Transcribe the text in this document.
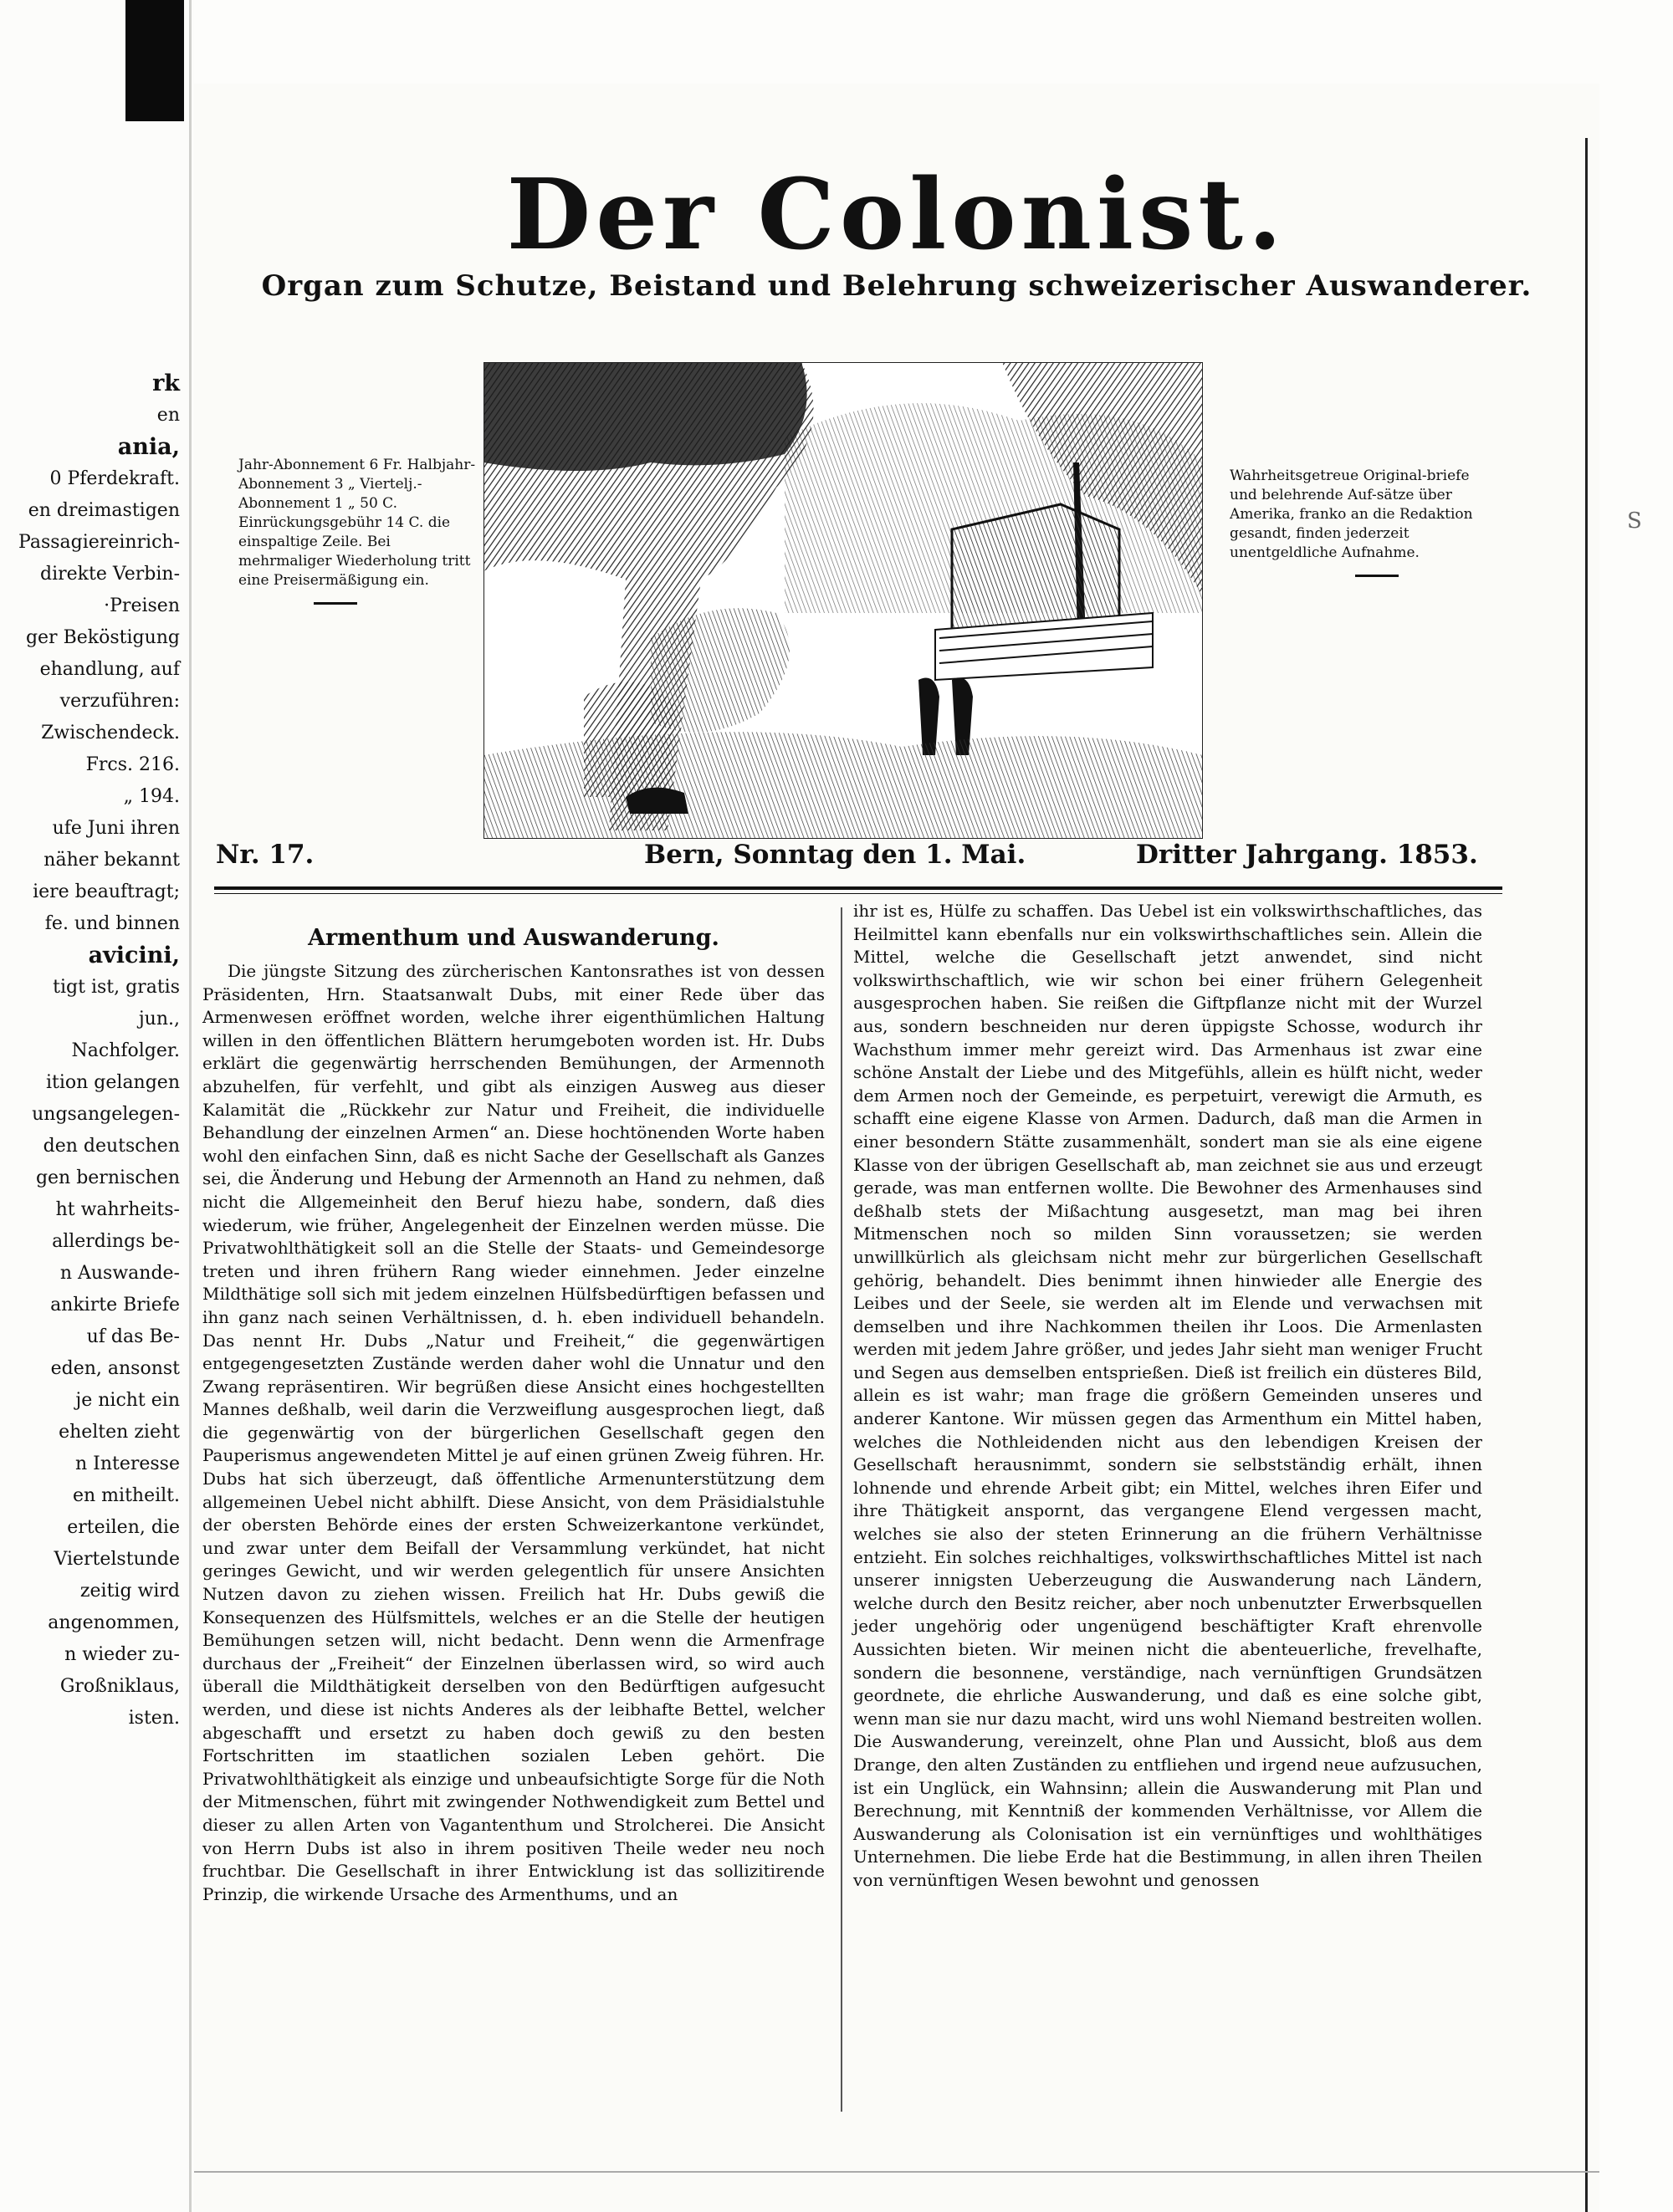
rk
en
ania,
0 Pferdekraft.
en dreimastigen
Passagiereinrich-
direkte Verbin-
·Preisen
ger Beköstigung
ehandlung, auf
verzuführen:
Zwischendeck.
Frcs. 216.
„ 194.
ufe Juni ihren
näher bekannt
iere beauftragt;
fe. und binnen
avicini,
tigt ist, gratis
jun.,
Nachfolger.
ition gelangen
ungsangelegen-
den deutschen
gen bernischen
ht wahrheits-
allerdings be-
n Auswande-
ankirte Briefe
uf das Be-
eden, ansonst
je nicht ein
ehelten zieht
n Interesse
en mitheilt.
erteilen, die
Viertelstunde
zeitig wird
angenommen,
n wieder zu-
Großniklaus,
isten.
S
Der Colonist.
Organ zum Schutze, Beistand und Belehrung schweizerischer Auswanderer.
Jahr-Abonnement 6 Fr. Halbjahr-Abonnement 3 „ Viertelj.-Abonnement 1 „ 50 C. Einrückungsgebühr 14 C. die einspaltige Zeile. Bei mehrmaliger Wiederholung tritt eine Preisermäßigung ein.
Wahrheitsgetreue Original-briefe und belehrende Auf-sätze über Amerika, franko an die Redaktion gesandt, finden jederzeit unentgeldliche Aufnahme.
Nr. 17.	Bern, Sonntag den 1. Mai.	Dritter Jahrgang. 1853.
Armenthum und Auswanderung.

Die jüngste Sitzung des zürcherischen Kantonsrathes ist von dessen Präsidenten, Hrn. Staatsanwalt Dubs, mit einer Rede über das Armenwesen eröffnet worden, welche ihrer eigenthümlichen Haltung willen in den öffentlichen Blättern herumgeboten worden ist. Hr. Dubs erklärt die gegenwärtig herrschenden Bemühungen, der Armennoth abzuhelfen, für verfehlt, und gibt als einzigen Ausweg aus dieser Kalamität die „Rückkehr zur Natur und Freiheit, die individuelle Behandlung der einzelnen Armen“ an. Diese hochtönenden Worte haben wohl den einfachen Sinn, daß es nicht Sache der Gesellschaft als Ganzes sei, die Änderung und Hebung der Armennoth an Hand zu nehmen, daß nicht die Allgemeinheit den Beruf hiezu habe, sondern, daß dies wiederum, wie früher, Angelegenheit der Einzelnen werden müsse. Die Privatwohlthätigkeit soll an die Stelle der Staats- und Gemeindesorge treten und ihren frühern Rang wieder einnehmen. Jeder einzelne Mildthätige soll sich mit jedem einzelnen Hülfsbedürftigen befassen und ihn ganz nach seinen Verhältnissen, d. h. eben individuell behandeln. Das nennt Hr. Dubs „Natur und Freiheit,“ die gegenwärtigen entgegengesetzten Zustände werden daher wohl die Unnatur und den Zwang repräsentiren. Wir begrüßen diese Ansicht eines hochgestellten Mannes deßhalb, weil darin die Verzweiflung ausgesprochen liegt, daß die gegenwärtig von der bürgerlichen Gesellschaft gegen den Pauperismus angewendeten Mittel je auf einen grünen Zweig führen. Hr. Dubs hat sich überzeugt, daß öffentliche Armenunterstützung dem allgemeinen Uebel nicht abhilft. Diese Ansicht, von dem Präsidialstuhle der obersten Behörde eines der ersten Schweizerkantone verkündet, und zwar unter dem Beifall der Versammlung verkündet, hat nicht geringes Gewicht, und wir werden gelegentlich für unsere Ansichten Nutzen davon zu ziehen wissen. Freilich hat Hr. Dubs gewiß die Konsequenzen des Hülfsmittels, welches er an die Stelle der heutigen Bemühungen setzen will, nicht bedacht. Denn wenn die Armenfrage durchaus der „Freiheit“ der Einzelnen überlassen wird, so wird auch überall die Mildthätigkeit derselben von den Bedürftigen aufgesucht werden, und diese ist nichts Anderes als der leibhafte Bettel, welcher abgeschafft und ersetzt zu haben doch gewiß zu den besten Fortschritten im staatlichen sozialen Leben gehört. Die Privatwohlthätigkeit als einzige und unbeaufsichtigte Sorge für die Noth der Mitmenschen, führt mit zwingender Nothwendigkeit zum Bettel und dieser zu allen Arten von Vagantenthum und Strolcherei. Die Ansicht von Herrn Dubs ist also in ihrem positiven Theile weder neu noch fruchtbar. Die Gesellschaft in ihrer Entwicklung ist das sollizitirende Prinzip, die wirkende Ursache des Armenthums, und an

ihr ist es, Hülfe zu schaffen. Das Uebel ist ein volkswirthschaftliches, das Heilmittel kann ebenfalls nur ein volkswirthschaftliches sein. Allein die Mittel, welche die Gesellschaft jetzt anwendet, sind nicht volkswirthschaftlich, wie wir schon bei einer frühern Gelegenheit ausgesprochen haben. Sie reißen die Giftpflanze nicht mit der Wurzel aus, sondern beschneiden nur deren üppigste Schosse, wodurch ihr Wachsthum immer mehr gereizt wird. Das Armenhaus ist zwar eine schöne Anstalt der Liebe und des Mitgefühls, allein es hülft nicht, weder dem Armen noch der Gemeinde, es perpetuirt, verewigt die Armuth, es schafft eine eigene Klasse von Armen. Dadurch, daß man die Armen in einer besondern Stätte zusammenhält, sondert man sie als eine eigene Klasse von der übrigen Gesellschaft ab, man zeichnet sie aus und erzeugt gerade, was man entfernen wollte. Die Bewohner des Armenhauses sind deßhalb stets der Mißachtung ausgesetzt, man mag bei ihren Mitmenschen noch so milden Sinn voraussetzen; sie werden unwillkürlich als gleichsam nicht mehr zur bürgerlichen Gesellschaft gehörig, behandelt. Dies benimmt ihnen hinwieder alle Energie des Leibes und der Seele, sie werden alt im Elende und verwachsen mit demselben und ihre Nachkommen theilen ihr Loos. Die Armenlasten werden mit jedem Jahre größer, und jedes Jahr sieht man weniger Frucht und Segen aus demselben entsprießen. Dieß ist freilich ein düsteres Bild, allein es ist wahr; man frage die größern Gemeinden unseres und anderer Kantone. Wir müssen gegen das Armenthum ein Mittel haben, welches die Nothleidenden nicht aus den lebendigen Kreisen der Gesellschaft herausnimmt, sondern sie selbstständig erhält, ihnen lohnende und ehrende Arbeit gibt; ein Mittel, welches ihren Eifer und ihre Thätigkeit anspornt, das vergangene Elend vergessen macht, welches sie also der steten Erinnerung an die frühern Verhältnisse entzieht. Ein solches reichhaltiges, volkswirthschaftliches Mittel ist nach unserer innigsten Ueberzeugung die Auswanderung nach Ländern, welche durch den Besitz reicher, aber noch unbenutzter Erwerbsquellen jeder ungehörig oder ungenügend beschäftigter Kraft ehrenvolle Aussichten bieten. Wir meinen nicht die abenteuerliche, frevelhafte, sondern die besonnene, verständige, nach vernünftigen Grundsätzen geordnete, die ehrliche Auswanderung, und daß es eine solche gibt, wenn man sie nur dazu macht, wird uns wohl Niemand bestreiten wollen. Die Auswanderung, vereinzelt, ohne Plan und Aussicht, bloß aus dem Drange, den alten Zuständen zu entfliehen und irgend neue aufzusuchen, ist ein Unglück, ein Wahnsinn; allein die Auswanderung mit Plan und Berechnung, mit Kenntniß der kommenden Verhältnisse, vor Allem die Auswanderung als Colonisation ist ein vernünftiges und wohlthätiges Unternehmen. Die liebe Erde hat die Bestimmung, in allen ihren Theilen von vernünftigen Wesen bewohnt und genossen
